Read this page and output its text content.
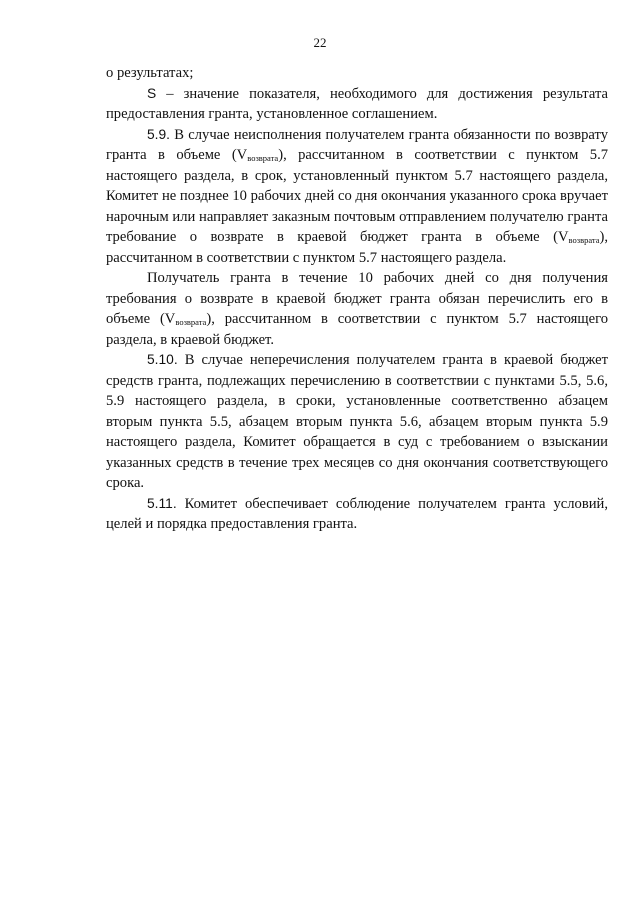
22

о результатах;

S – значение показателя, необходимого для достижения результата предоставления гранта, установленное соглашением.

5.9. В случае неисполнения получателем гранта обязанности по возврату гранта в объеме $(V_{возврата})$, рассчитанном в соответствии с пунктом 5.7 настоящего раздела, в срок, установленный пунктом 5.7 настоящего раздела, Комитет не позднее 10 рабочих дней со дня окончания указанного срока вручает нарочным или направляет заказным почтовым отправлением получателю гранта требование о возврате в краевой бюджет гранта в объеме $(V_{возврата})$, рассчитанном в соответствии с пунктом 5.7 настоящего раздела.

Получатель гранта в течение 10 рабочих дней со дня получения требования о возврате в краевой бюджет гранта обязан перечислить его в объеме $(V_{возврата})$, рассчитанном в соответствии с пунктом 5.7 настоящего раздела, в краевой бюджет.

5.10. В случае неперечисления получателем гранта в краевой бюджет средств гранта, подлежащих перечислению в соответствии с пунктами 5.5, 5.6, 5.9 настоящего раздела, в сроки, установленные соответственно абзацем вторым пункта 5.5, абзацем вторым пункта 5.6, абзацем вторым пункта 5.9 настоящего раздела, Комитет обращается в суд с требованием о взыскании указанных средств в течение трех месяцев со дня окончания соответствующего срока.

5.11. Комитет обеспечивает соблюдение получателем гранта условий, целей и порядка предоставления гранта.
